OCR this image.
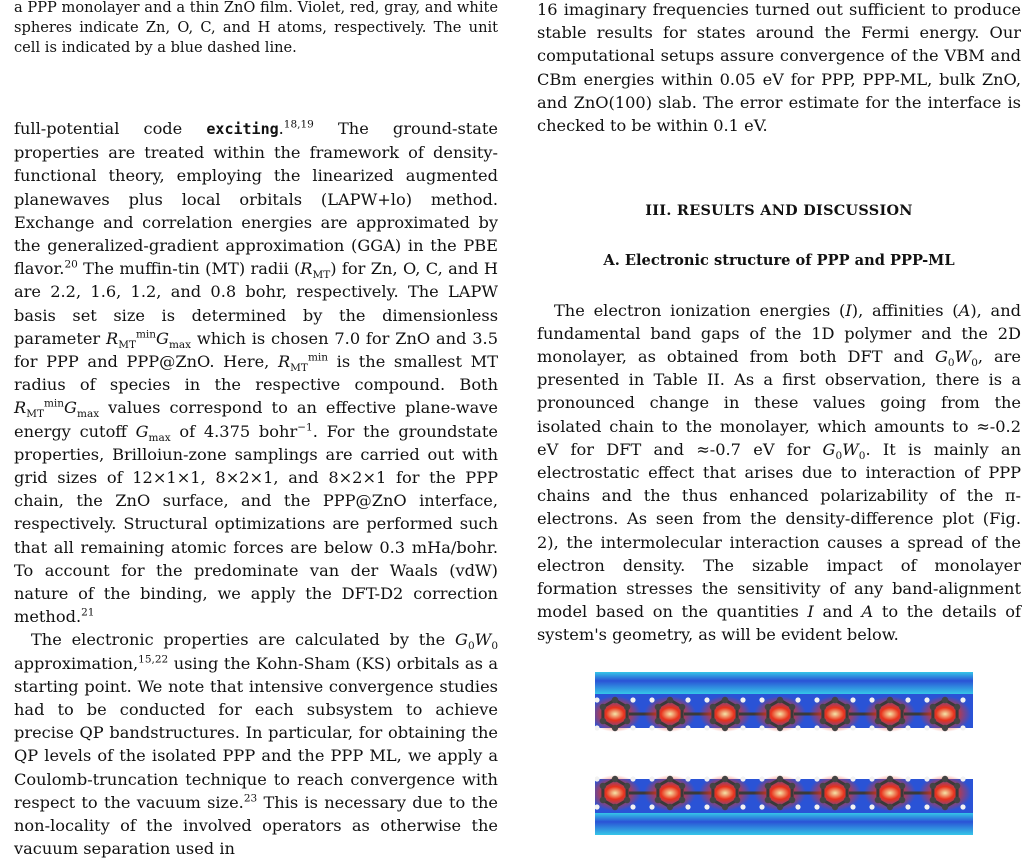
a PPP monolayer and a thin ZnO film. Violet, red, gray, and white spheres indicate Zn, O, C, and H atoms, respectively. The unit cell is indicated by a blue dashed line.

full-potential code exciting.$^{18,19}$ The ground-state properties are treated within the framework of density-functional theory, employing the linearized augmented planewaves plus local orbitals (LAPW+lo) method. Exchange and correlation energies are approximated by the generalized-gradient approximation (GGA) in the PBE flavor.$^{20}$ The muffin-tin (MT) radii $(R_{MT})$ for Zn, O, C, and H are 2.2, 1.6, 1.2, and 0.8 bohr, respectively. The LAPW basis set size is determined by the dimensionless parameter $R_{MT}^{min}G_{max}$ which is chosen 7.0 for ZnO and 3.5 for PPP and PPP@ZnO. Here, $R_{MT}^{min}$ is the smallest MT radius of species in the respective compound. Both $R_{MT}^{min}G_{max}$ values correspond to an effective plane-wave energy cutoff $G_{max}$ of 4.375 bohr$^{-1}$. For the groundstate properties, Brilloiun-zone samplings are carried out with grid sizes of 12×1×1, 8×2×1, and 8×2×1 for the PPP chain, the ZnO surface, and the PPP@ZnO interface, respectively. Structural optimizations are performed such that all remaining atomic forces are below 0.3 mHa/bohr. To account for the predominate van der Waals (vdW) nature of the binding, we apply the DFT-D2 correction method.$^{21}$

The electronic properties are calculated by the $G_0W_0$ approximation,$^{15,22}$ using the Kohn-Sham (KS) orbitals as a starting point. We note that intensive convergence studies had to be conducted for each subsystem to achieve precise QP bandstructures. In particular, for obtaining the QP levels of the isolated PPP and the PPP ML, we apply a Coulomb-truncation technique to reach convergence with respect to the vacuum size.$^{23}$ This is necessary due to the non-locality of the involved operators as otherwise the vacuum separation used in

16 imaginary frequencies turned out sufficient to produce stable results for states around the Fermi energy. Our computational setups assure convergence of the VBM and CBm energies within 0.05 eV for PPP, PPP-ML, bulk ZnO, and ZnO(100) slab. The error estimate for the interface is checked to be within 0.1 eV.

III. RESULTS AND DISCUSSION

A. Electronic structure of PPP and PPP-ML

The electron ionization energies (I), affinities (A), and fundamental band gaps of the 1D polymer and the 2D monolayer, as obtained from both DFT and $G_0W_0$, are presented in Table II. As a first observation, there is a pronounced change in these values going from the isolated chain to the monolayer, which amounts to ≈-0.2 eV for DFT and ≈-0.7 eV for $G_0W_0$. It is mainly an electrostatic effect that arises due to interaction of PPP chains and the thus enhanced polarizability of the π-electrons. As seen from the density-difference plot (Fig. 2), the intermolecular interaction causes a spread of the electron density. The sizable impact of monolayer formation stresses the sensitivity of any band-alignment model based on the quantities I and A to the details of system's geometry, as will be evident below.
